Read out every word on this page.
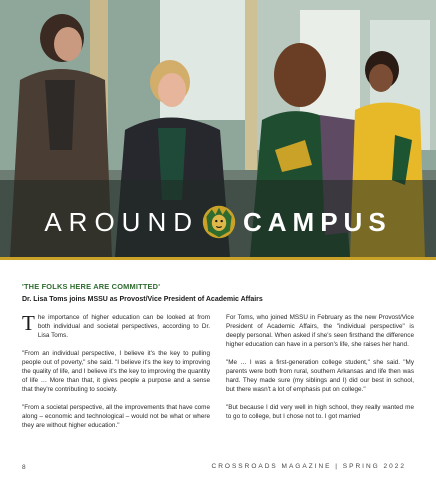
AROUND CAMPUS
'THE FOLKS HERE ARE COMMITTED'
Dr. Lisa Toms joins MSSU as Provost/Vice President of Academic Affairs

The importance of higher education can be looked at from both individual and societal perspectives, according to Dr. Lisa Toms.

"From an individual perspective, I believe it's the key to pulling people out of poverty," she said. "I believe it's the key to improving the quality of life, and I believe it's the key to improving the quantity of life … More than that, it gives people a purpose and a sense that they're contributing to society.

"From a societal perspective, all the improvements that have come along – economic and technological – would not be what or where they are without higher education."

For Toms, who joined MSSU in February as the new Provost/Vice President of Academic Affairs, the "individual perspective" is deeply personal. When asked if she's seen firsthand the difference higher education can have in a person's life, she raises her hand.

"Me … I was a first-generation college student," she said. "My parents were both from rural, southern Arkansas and life then was hard. They made sure (my siblings and I) did our best in school, but there wasn't a lot of emphasis put on college."

"But because I did very well in high school, they really wanted me to go to college, but I chose not to. I got married

8	CROSSROADS MAGAZINE | SPRING 2022
